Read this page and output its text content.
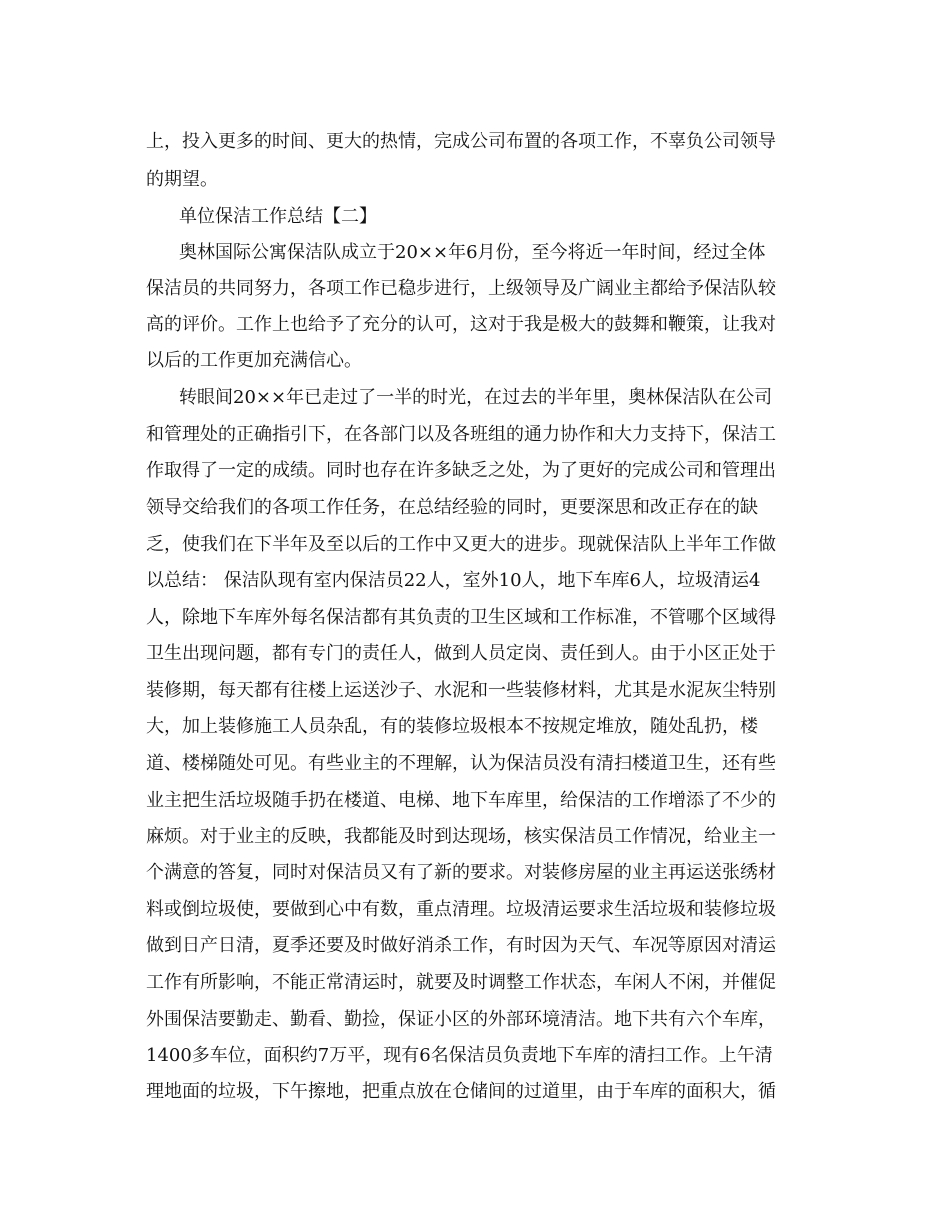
上，投入更多的时间、更大的热情，完成公司布置的各项工作，不辜负公司领导
的期望。
单位保洁工作总结【二】
奥林国际公寓保洁队成立于20××年6月份，至今将近一年时间，经过全体
保洁员的共同努力，各项工作已稳步进行，上级领导及广阔业主都给予保洁队较
高的评价。工作上也给予了充分的认可，这对于我是极大的鼓舞和鞭策，让我对
以后的工作更加充满信心。
转眼间20××年已走过了一半的时光，在过去的半年里，奥林保洁队在公司
和管理处的正确指引下，在各部门以及各班组的通力协作和大力支持下，保洁工
作取得了一定的成绩。同时也存在许多缺乏之处，为了更好的完成公司和管理出
领导交给我们的各项工作任务，在总结经验的同时，更要深思和改正存在的缺
乏，使我们在下半年及至以后的工作中又更大的进步。现就保洁队上半年工作做
以总结： 保洁队现有室内保洁员22人，室外10人，地下车库6人，垃圾清运4
人，除地下车库外每名保洁都有其负责的卫生区域和工作标准，不管哪个区域得
卫生出现问题，都有专门的责任人，做到人员定岗、责任到人。由于小区正处于
装修期，每天都有往楼上运送沙子、水泥和一些装修材料，尤其是水泥灰尘特别
大，加上装修施工人员杂乱，有的装修垃圾根本不按规定堆放，随处乱扔，楼
道、楼梯随处可见。有些业主的不理解，认为保洁员没有清扫楼道卫生，还有些
业主把生活垃圾随手扔在楼道、电梯、地下车库里，给保洁的工作增添了不少的
麻烦。对于业主的反映，我都能及时到达现场，核实保洁员工作情况，给业主一
个满意的答复，同时对保洁员又有了新的要求。对装修房屋的业主再运送张绣材
料或倒垃圾使，要做到心中有数，重点清理。垃圾清运要求生活垃圾和装修垃圾
做到日产日清，夏季还要及时做好消杀工作，有时因为天气、车况等原因对清运
工作有所影响，不能正常清运时，就要及时调整工作状态，车闲人不闲，并催促
外围保洁要勤走、勤看、勤捡，保证小区的外部环境清洁。地下共有六个车库，
1400多车位，面积约7万平，现有6名保洁员负责地下车库的清扫工作。上午清
理地面的垃圾，下午擦地，把重点放在仓储间的过道里，由于车库的面积大，循
